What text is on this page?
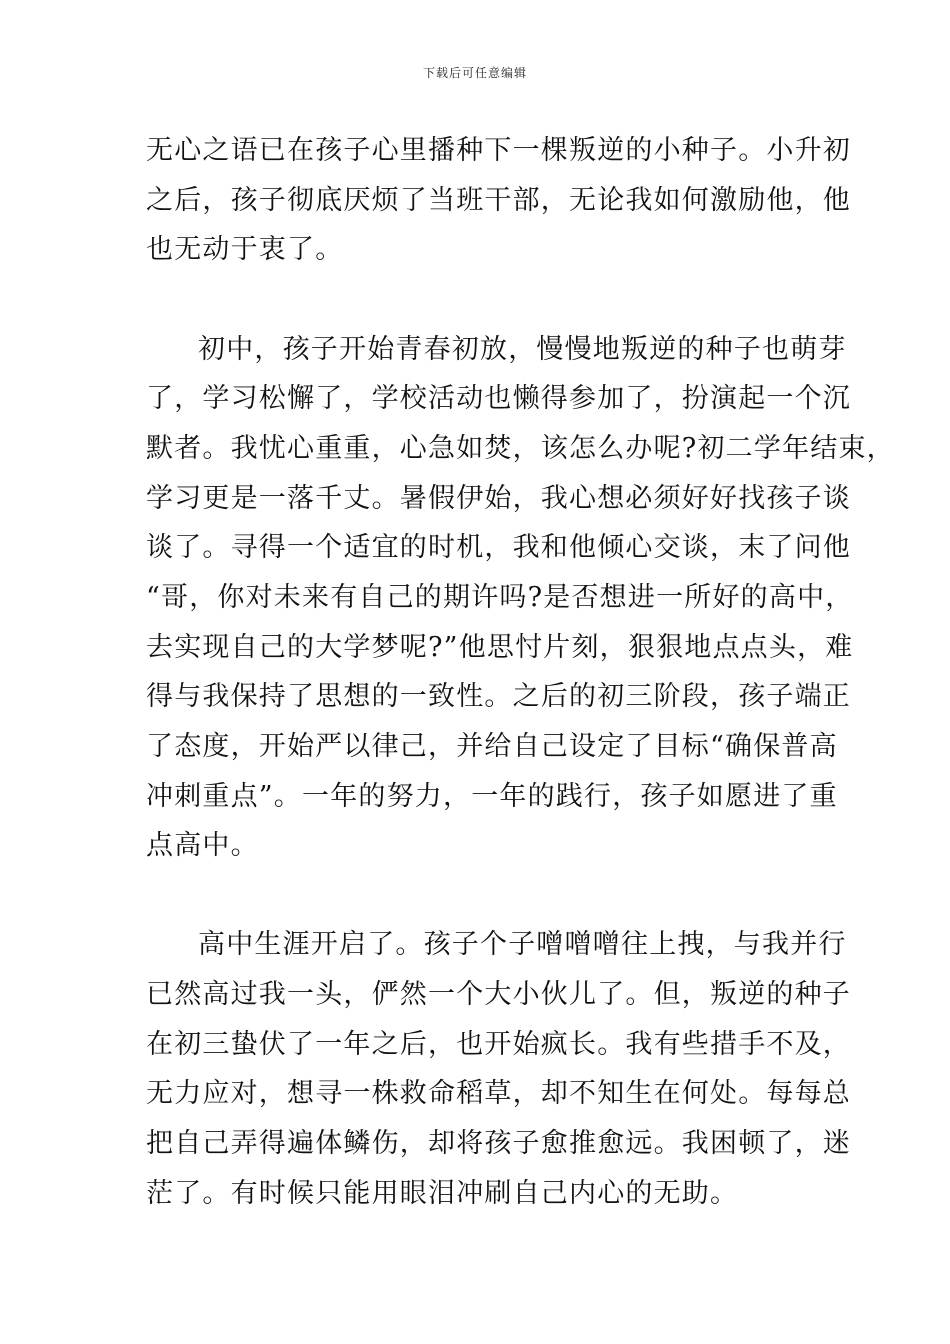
下载后可任意编辑
无心之语已在孩子心里播种下一棵叛逆的小种子。小升初
之后，孩子彻底厌烦了当班干部，无论我如何激励他，他
也无动于衷了。
初中，孩子开始青春初放，慢慢地叛逆的种子也萌芽
了，学习松懈了，学校活动也懒得参加了，扮演起一个沉
默者。我忧心重重，心急如焚，该怎么办呢?初二学年结束，
学习更是一落千丈。暑假伊始，我心想必须好好找孩子谈
谈了。寻得一个适宜的时机，我和他倾心交谈，末了问他
“哥，你对未来有自己的期许吗?是否想进一所好的高中，
去实现自己的大学梦呢?”他思忖片刻，狠狠地点点头，难
得与我保持了思想的一致性。之后的初三阶段，孩子端正
了态度，开始严以律己，并给自己设定了目标“确保普高
冲刺重点”。一年的努力，一年的践行，孩子如愿进了重
点高中。
高中生涯开启了。孩子个子噌噌噌往上拽，与我并行
已然高过我一头，俨然一个大小伙儿了。但，叛逆的种子
在初三蛰伏了一年之后，也开始疯长。我有些措手不及，
无力应对，想寻一株救命稻草，却不知生在何处。每每总
把自己弄得遍体鳞伤，却将孩子愈推愈远。我困顿了，迷
茫了。有时候只能用眼泪冲刷自己内心的无助。
